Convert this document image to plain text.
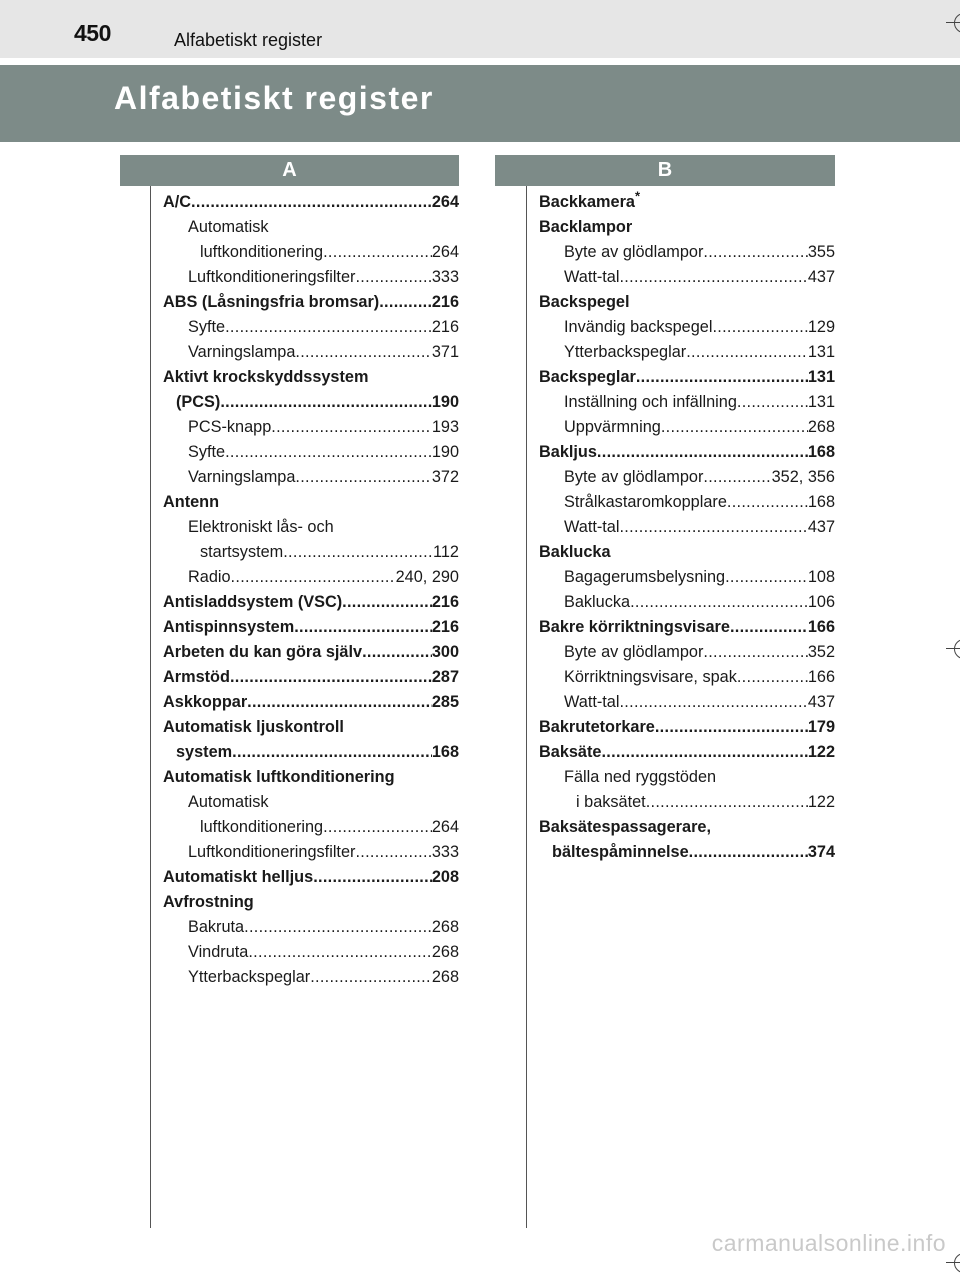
450	Alfabetiskt register
Alfabetiskt register
A	B
A/C .....	264
Automatisk
luftkonditionering .....	264
Luftkonditioneringsfilter .....	333
ABS (Låsningsfria bromsar) .....	216
Syfte .....	216
Varningslampa .....	371
Aktivt krockskyddssystem
(PCS) .....	190
PCS-knapp .....	193
Syfte .....	190
Varningslampa .....	372
Antenn
Elektroniskt lås- och
startsystem .....	112
Radio .....	240, 290
Antisladdsystem (VSC) .....	216
Antispinnsystem .....	216
Arbeten du kan göra själv .....	300
Armstöd .....	287
Askkoppar .....	285
Automatisk ljuskontroll
system .....	168
Automatisk luftkonditionering
Automatisk
luftkonditionering .....	264
Luftkonditioneringsfilter .....	333
Automatiskt helljus .....	208
Avfrostning
Bakruta .....	268
Vindruta .....	268
Ytterbackspeglar .....	268
Backkamera*
Backlampor
Byte av glödlampor .....	355
Watt-tal .....	437
Backspegel
Invändig backspegel .....	129
Ytterbackspeglar .....	131
Backspeglar .....	131
Inställning och infällning .....	131
Uppvärmning .....	268
Bakljus .....	168
Byte av glödlampor .....	352, 356
Strålkastaromkopplare .....	168
Watt-tal .....	437
Baklucka
Bagagerumsbelysning .....	108
Baklucka .....	106
Bakre körriktningsvisare .....	166
Byte av glödlampor .....	352
Körriktningsvisare, spak .....	166
Watt-tal .....	437
Bakrutetorkare .....	179
Baksäte .....	122
Fälla ned ryggstöden
i baksätet .....	122
Baksätespassagerare,
bältespåminnelse .....	374
carmanualsonline.info
